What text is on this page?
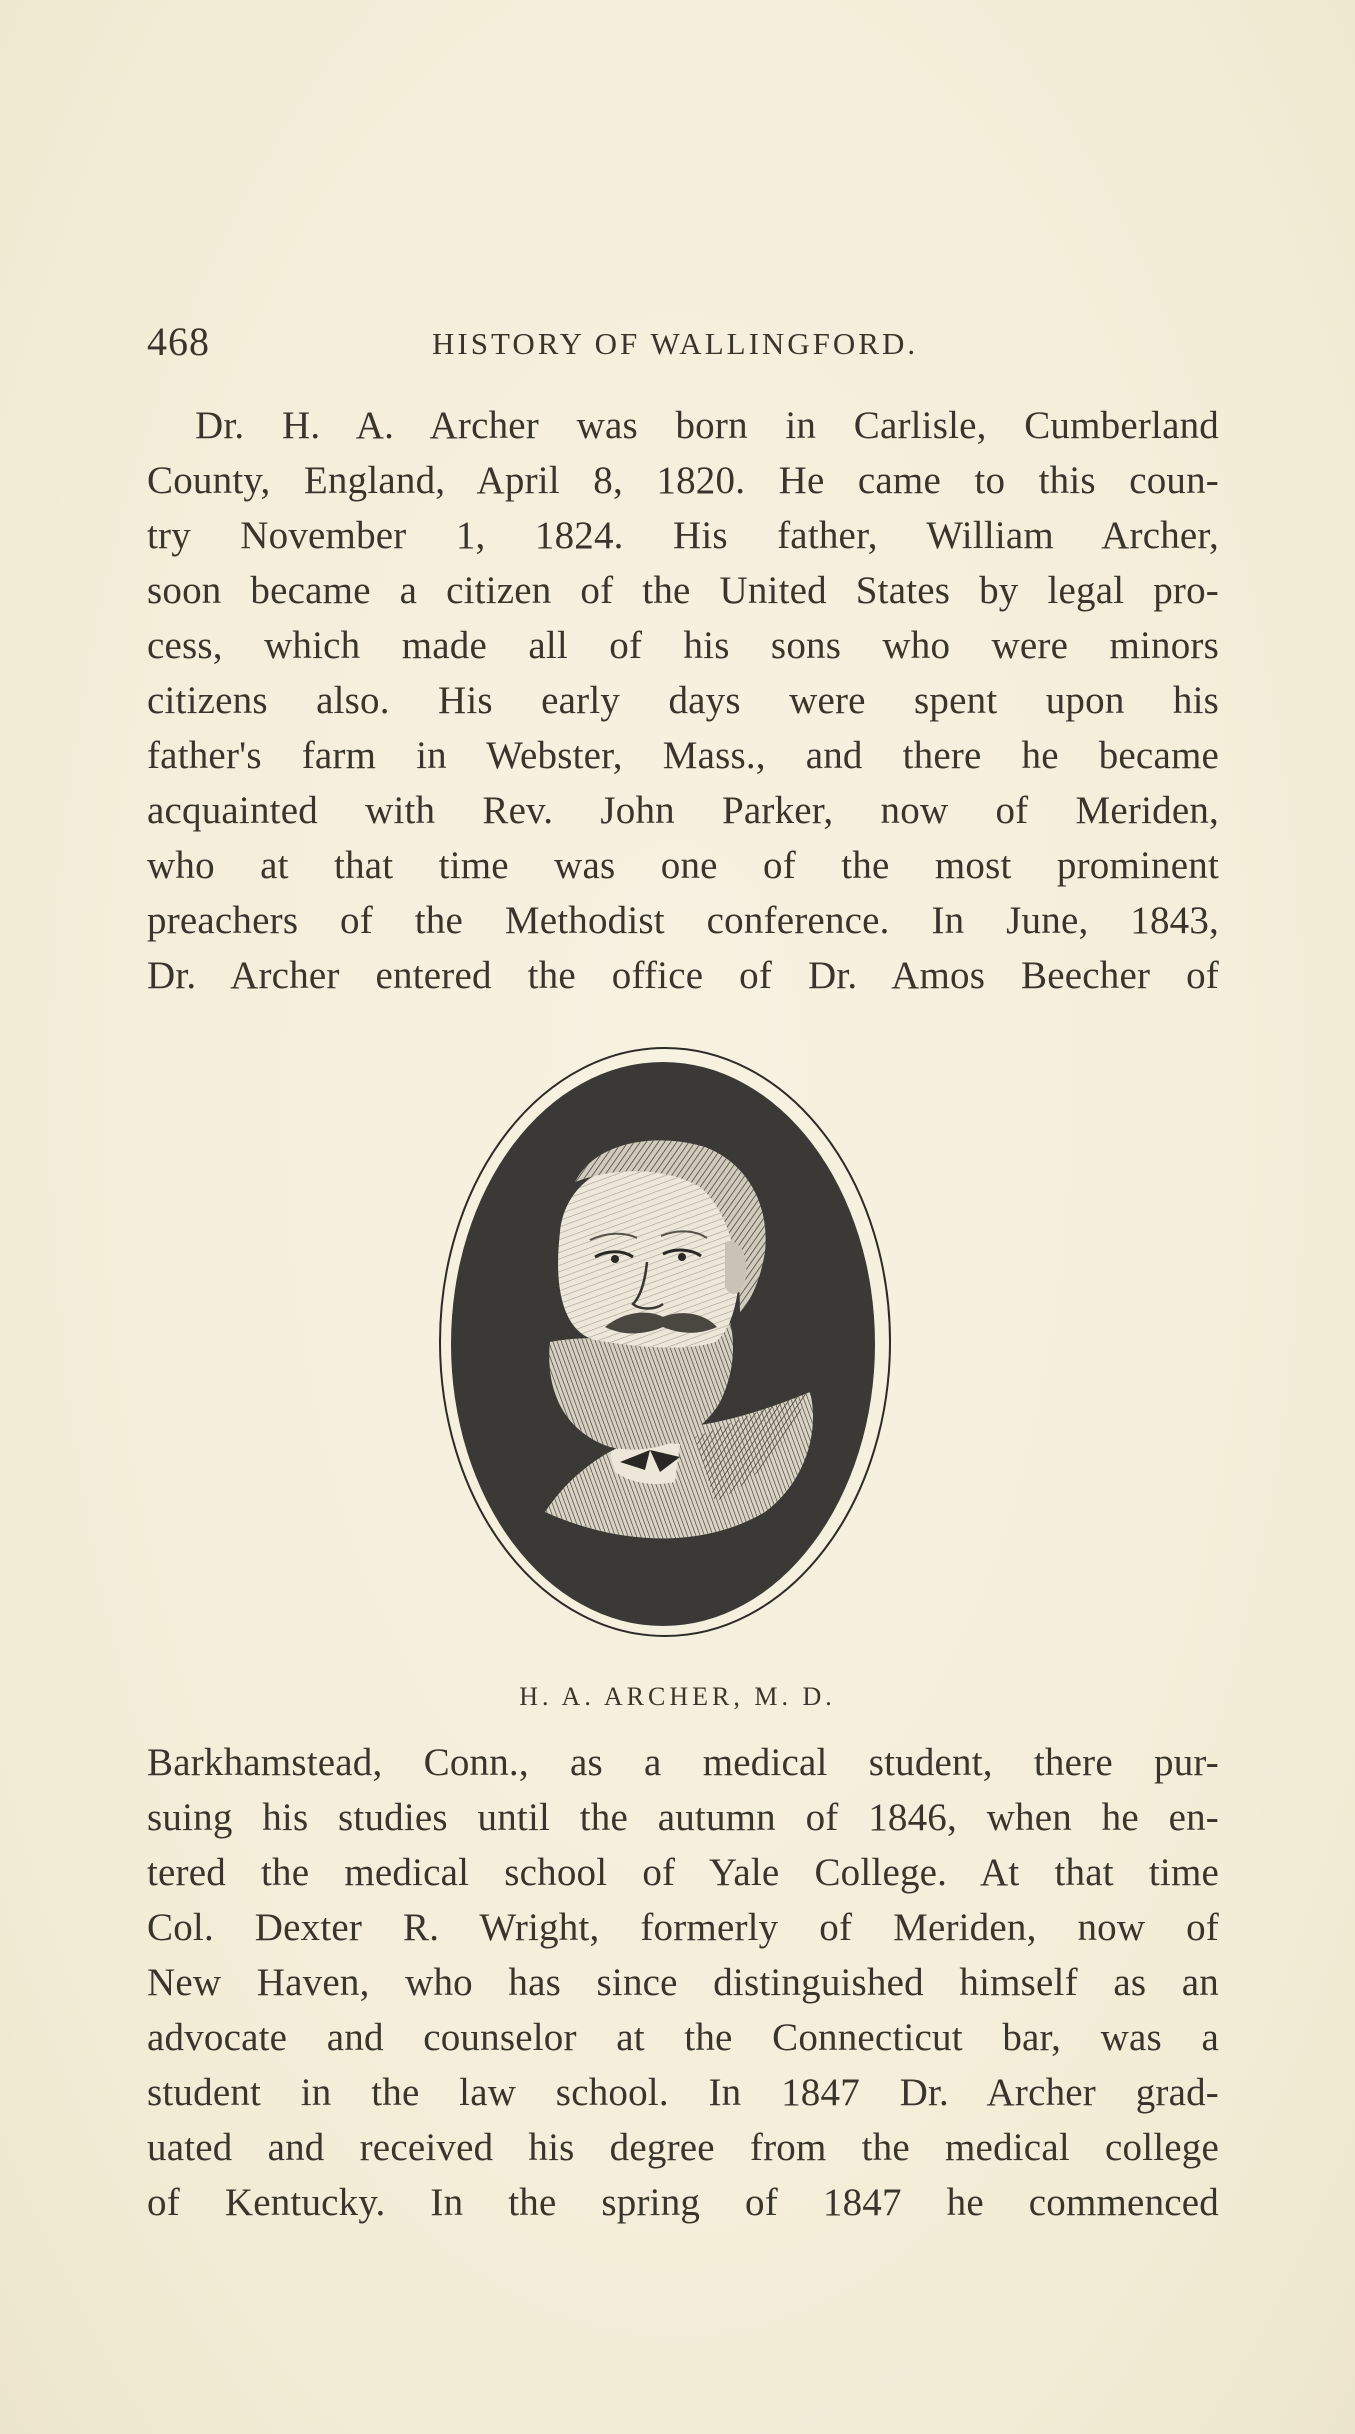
468	HISTORY OF WALLINGFORD.
Dr. H. A. Archer was born in Carlisle, Cumberland
County, England, April 8, 1820. He came to this coun-
try November 1, 1824. His father, William Archer,
soon became a citizen of the United States by legal pro-
cess, which made all of his sons who were minors
citizens also. His early days were spent upon his
father's farm in Webster, Mass., and there he became
acquainted with Rev. John Parker, now of Meriden,
who at that time was one of the most prominent
preachers of the Methodist conference. In June, 1843,
Dr. Archer entered the office of Dr. Amos Beecher of
H. A. ARCHER, M. D.
Barkhamstead, Conn., as a medical student, there pur-
suing his studies until the autumn of 1846, when he en-
tered the medical school of Yale College. At that time
Col. Dexter R. Wright, formerly of Meriden, now of
New Haven, who has since distinguished himself as an
advocate and counselor at the Connecticut bar, was a
student in the law school. In 1847 Dr. Archer grad-
uated and received his degree from the medical college
of Kentucky. In the spring of 1847 he commenced
